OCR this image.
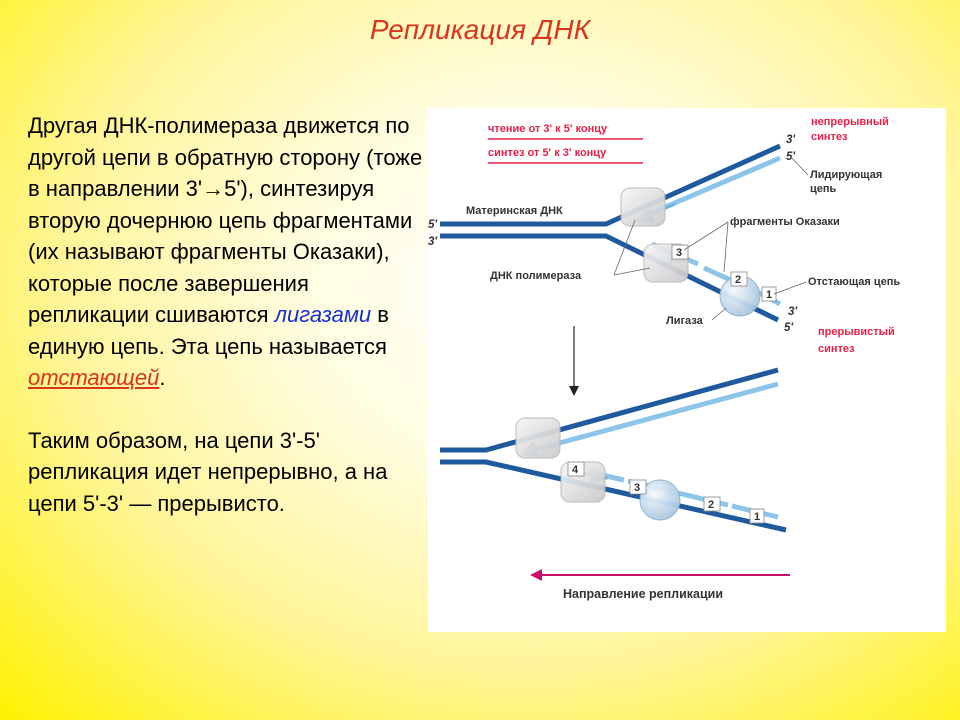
Репликация ДНК

Другая ДНК-полимераза движется по другой цепи в обратную сторону (тоже в направлении 3'→5'), синтезируя вторую дочернюю цепь фрагментами (их называют фрагменты Оказаки), которые после завершения репликации сшиваются лигазами в единую цепь. Эта цепь называется отстающей.

Таким образом, на цепи 3'-5' репликация идет непрерывно, а на цепи 5'-3' — прерывисто.

чтение от 3' к 5' концу
синтез от 5' к 3' концу
непрерывный
синтез
3
2
1
5'
3'
3'
5'
3'
5'
Материнская ДНК
Лидирующая
цепь
фрагменты Оказаки
ДНК полимераза	Отстающая цепь
Лигаза
прерывистый
синтез
4
3
2
1
Направление репликации
